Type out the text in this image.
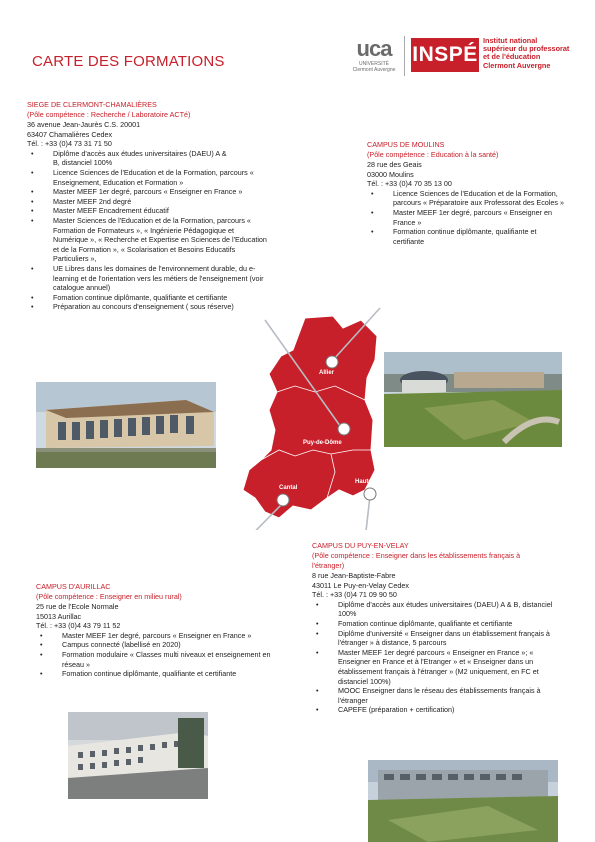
CARTE DES FORMATIONS
uca
UNIVERSITÉ
Clermont Auvergne
INSPÉ
Institut national
supérieur du professorat
et de l'éducation
Clermont Auvergne
SIEGE DE CLERMONT-CHAMALIÈRES
(Pôle compétence : Recherche / Laboratoire ACTé)
36 avenue Jean-Jaurès C.S. 20001
63407 Chamalières Cedex
Tél. : +33 (0)4 73 31 71 50
• Diplôme d'accès aux études universitaires (DAEU) A & B, distanciel 100%
• Licence Sciences de l'Education et de la Formation, parcours « Enseignement, Education et Formation »
• Master MEEF 1er degré, parcours « Enseigner en France »
• Master MEEF 2nd degré
• Master MEEF Encadrement éducatif
• Master Sciences de l'Education et de la Formation, parcours « Formation de Formateurs », « Ingénierie Pédagogique et Numérique », « Recherche et Expertise en Sciences de l'Education et de la Formation », « Scolarisation et Besoins Educatifs Particuliers »,
• UE Libres dans les domaines de l'environnement durable, du e-learning et de l'orientation vers les métiers de l'enseignement (voir catalogue annuel)
• Fomation continue diplômante, qualifiante et certifiante
• Préparation au concours d'enseignement ( sous réserve)
CAMPUS DE MOULINS
(Pôle compétence : Education à la santé)
28 rue des Geais
03000 Moulins
Tél. : +33 (0)4 70 35 13 00
• Licence Sciences de l'Education et de la Formation, parcours « Préparatoire aux Professorat des Ecoles »
• Master MEEF 1er degré, parcours « Enseigner en France »
• Formation continue diplômante, qualifiante et certifiante
Allier
Puy-de-Dôme
Cantal
Haute-Loire
CAMPUS DU PUY-EN-VELAY
(Pôle compétence : Enseigner dans les établissements français à l'étranger)
8 rue Jean-Baptiste-Fabre
43011 Le Puy-en-Velay Cedex
Tél. : +33 (0)4 71 09 90 50
• Diplôme d'accès aux études universitaires (DAEU) A & B, distanciel 100%
• Fomation continue diplômante, qualifiante et certifiante
• Diplôme d'université « Enseigner dans un établissement français à l'étranger » à distance, 5 parcours
• Master MEEF 1er degré parcours « Enseigner en France »; « Enseigner en France et à l'Etranger » et « Enseigner dans un établissement français à l'étranger » (M2 uniquement, en FC et distanciel 100%)
• MOOC Enseigner dans le réseau des établissements français à l'étranger
• CAPEFE (préparation + certification)
CAMPUS D'AURILLAC
(Pôle compétence : Enseigner en milieu rural)
25 rue de l'Ecole Normale
15013 Aurillac
Tél. : +33 (0)4 43 79 11 52
• Master MEEF 1er degré, parcours « Enseigner en France »
• Campus connecté (labellisé en 2020)
• Formation modulaire « Classes multi niveaux et enseignement en réseau »
• Fomation continue diplômante, qualifiante et certifiante
